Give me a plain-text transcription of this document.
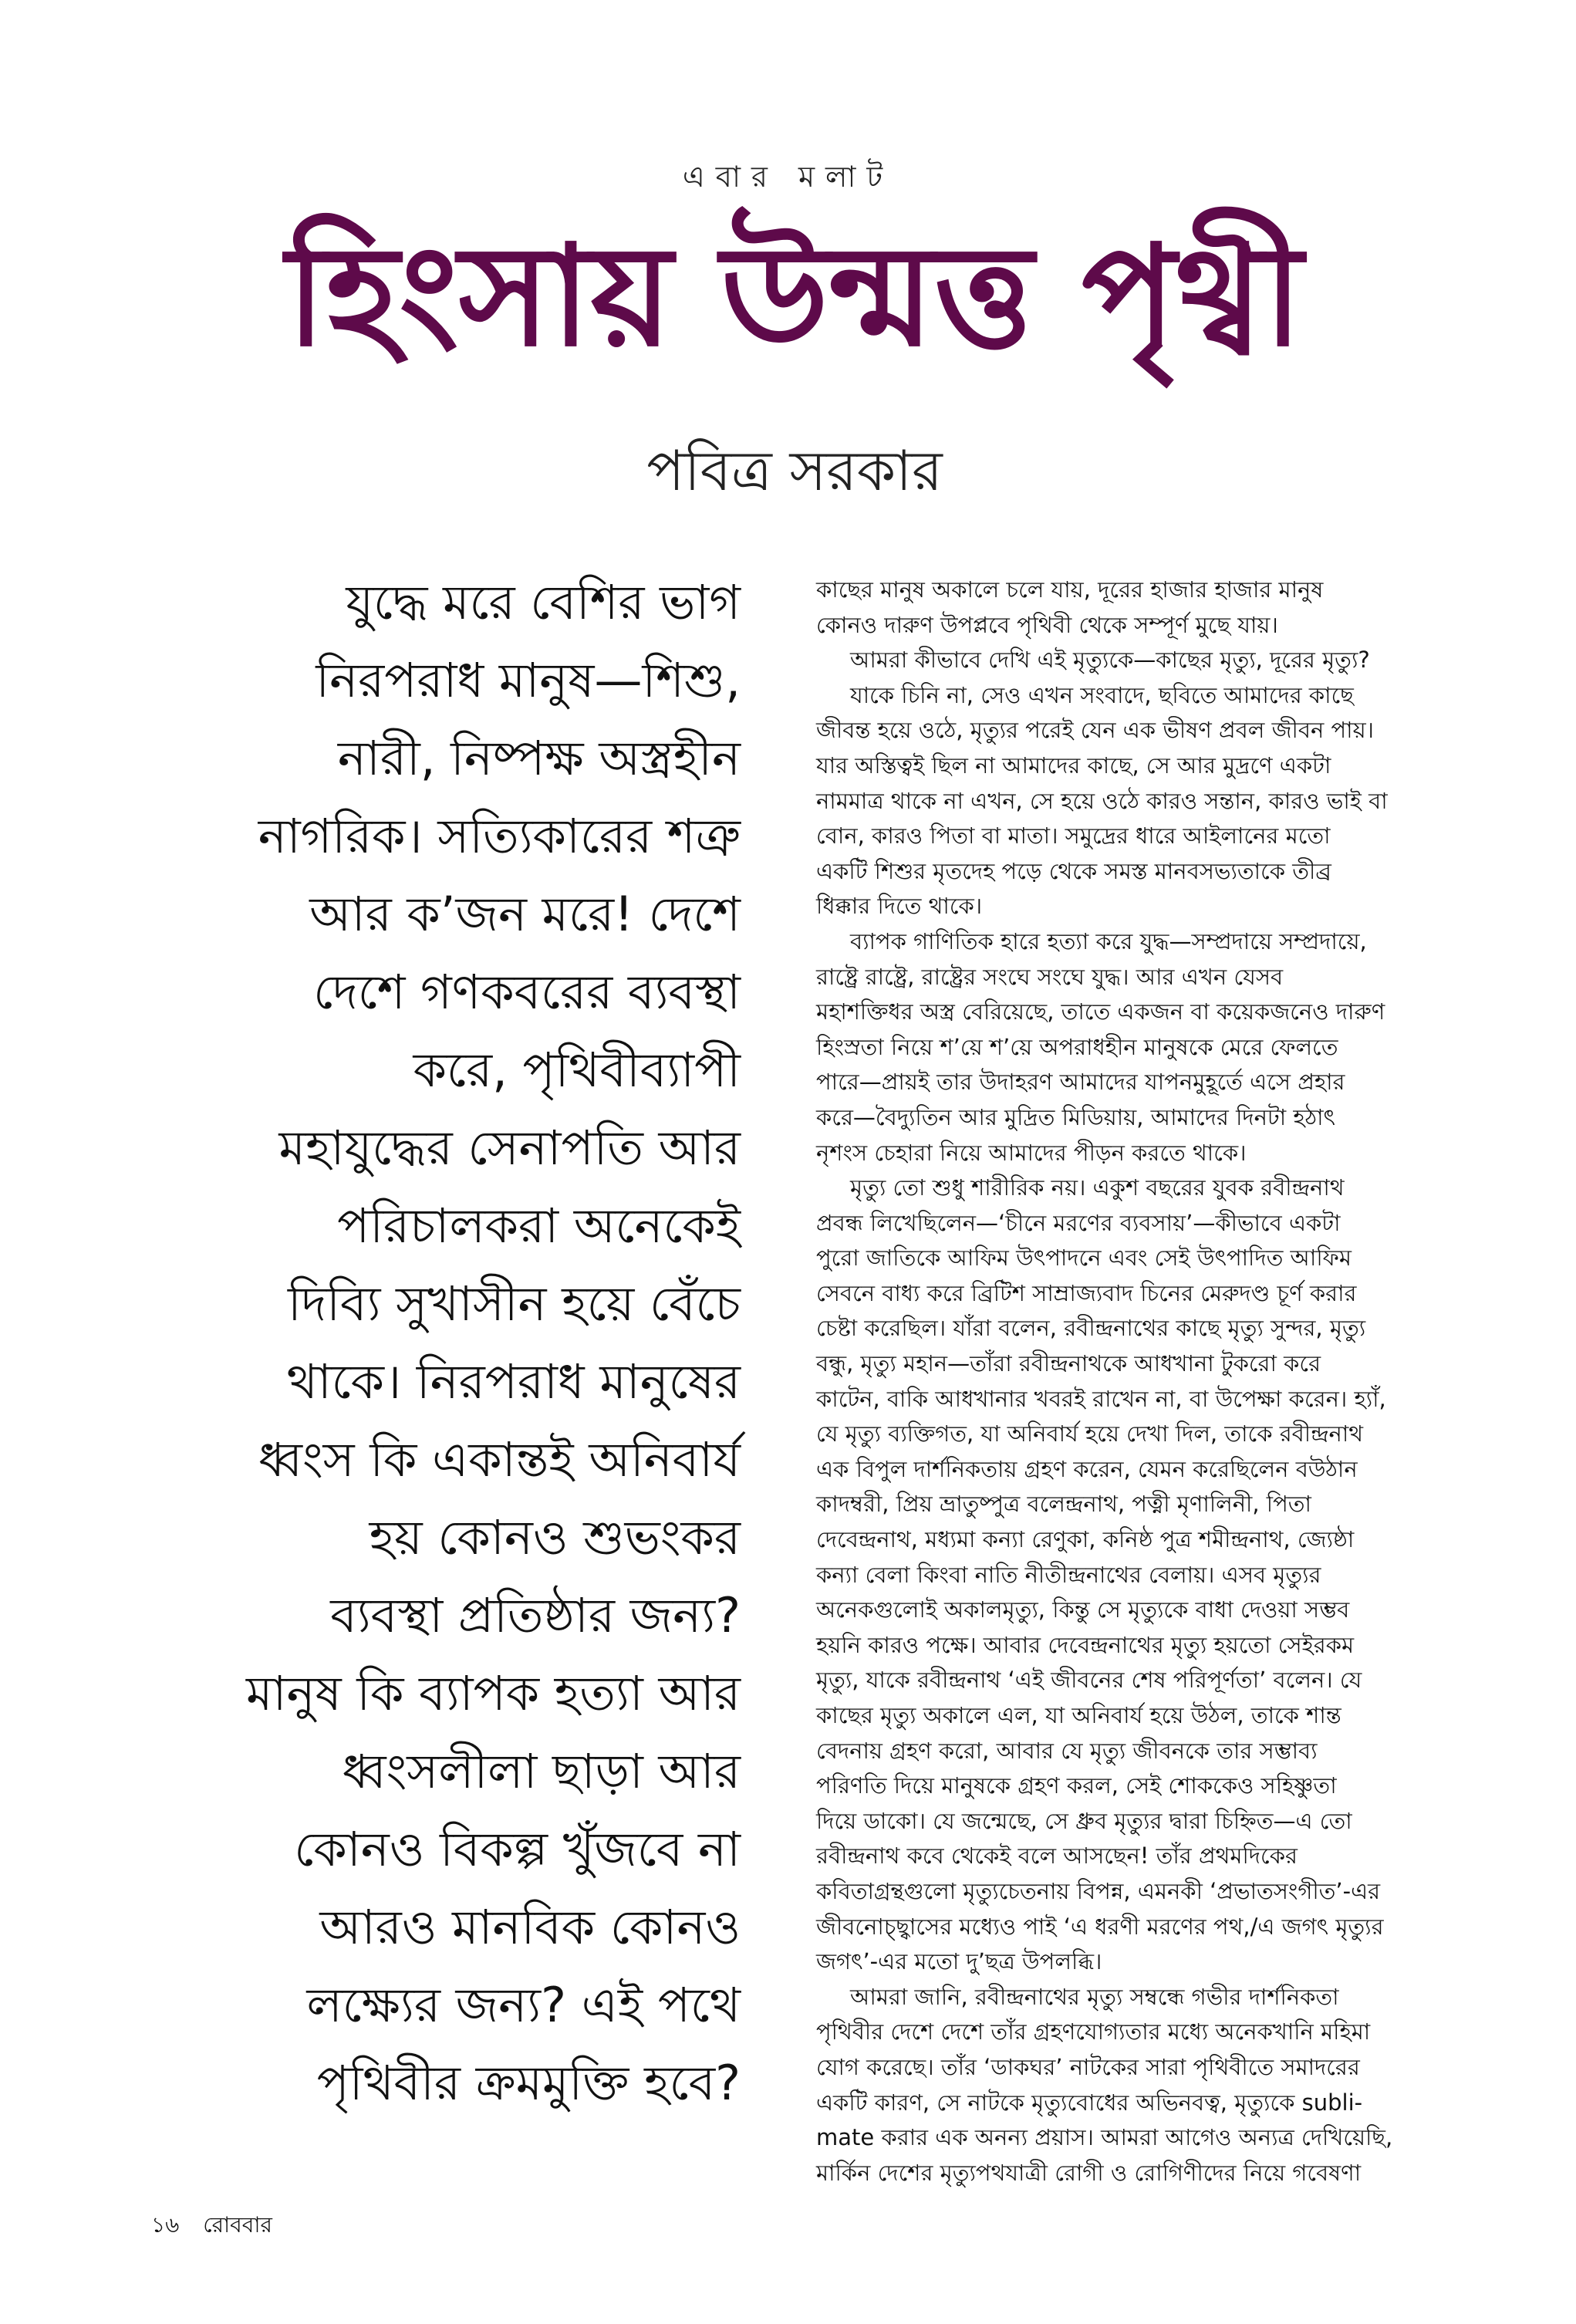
এবার মলাট
হিংসায় উন্মত্ত পৃথ্বী
পবিত্র সরকার
যুদ্ধে মরে বেশির ভাগ
নিরপরাধ মানুষ—শিশু,
নারী, নিষ্পক্ষ অস্ত্রহীন
নাগরিক। সত্যিকারের শত্রু
আর ক’জন মরে! দেশে
দেশে গণকবরের ব্যবস্থা
করে, পৃথিবীব্যাপী
মহাযুদ্ধের সেনাপতি আর
পরিচালকরা অনেকেই
দিব্যি সুখাসীন হয়ে বেঁচে
থাকে। নিরপরাধ মানুষের
ধ্বংস কি একান্তই অনিবার্য
হয় কোনও শুভংকর
ব্যবস্থা প্রতিষ্ঠার জন্য?
মানুষ কি ব্যাপক হত্যা আর
ধ্বংসলীলা ছাড়া আর
কোনও বিকল্প খুঁজবে না
আরও মানবিক কোনও
লক্ষ্যের জন্য? এই পথে
পৃথিবীর ক্রমমুক্তি হবে?
কাছের মানুষ অকালে চলে যায়, দূরের হাজার হাজার মানুষ
কোনও দারুণ উপপ্লবে পৃথিবী থেকে সম্পূর্ণ মুছে যায়।
আমরা কীভাবে দেখি এই মৃত্যুকে—কাছের মৃত্যু, দূরের মৃত্যু?
যাকে চিনি না, সেও এখন সংবাদে, ছবিতে আমাদের কাছে
জীবন্ত হয়ে ওঠে, মৃত্যুর পরেই যেন এক ভীষণ প্রবল জীবন পায়।
যার অস্তিত্বই ছিল না আমাদের কাছে, সে আর মুদ্রণে একটা
নামমাত্র থাকে না এখন, সে হয়ে ওঠে কারও সন্তান, কারও ভাই বা
বোন, কারও পিতা বা মাতা। সমুদ্রের ধারে আইলানের মতো
একটি শিশুর মৃতদেহ পড়ে থেকে সমস্ত মানবসভ্যতাকে তীব্র
ধিক্কার দিতে থাকে।
ব্যাপক গাণিতিক হারে হত্যা করে যুদ্ধ—সম্প্রদায়ে সম্প্রদায়ে,
রাষ্ট্রে রাষ্ট্রে, রাষ্ট্রের সংঘে সংঘে যুদ্ধ। আর এখন যেসব
মহাশক্তিধর অস্ত্র বেরিয়েছে, তাতে একজন বা কয়েকজনেও দারুণ
হিংস্রতা নিয়ে শ’য়ে শ’য়ে অপরাধহীন মানুষকে মেরে ফেলতে
পারে—প্রায়ই তার উদাহরণ আমাদের যাপনমুহূর্তে এসে প্রহার
করে—বৈদ্যুতিন আর মুদ্রিত মিডিয়ায়, আমাদের দিনটা হঠাৎ
নৃশংস চেহারা নিয়ে আমাদের পীড়ন করতে থাকে।
মৃত্যু তো শুধু শারীরিক নয়। একুশ বছরের যুবক রবীন্দ্রনাথ
প্রবন্ধ লিখেছিলেন—‘চীনে মরণের ব্যবসায়’—কীভাবে একটা
পুরো জাতিকে আফিম উৎপাদনে এবং সেই উৎপাদিত আফিম
সেবনে বাধ্য করে ব্রিটিশ সাম্রাজ্যবাদ চিনের মেরুদণ্ড চূর্ণ করার
চেষ্টা করেছিল। যাঁরা বলেন, রবীন্দ্রনাথের কাছে মৃত্যু সুন্দর, মৃত্যু
বন্ধু, মৃত্যু মহান—তাঁরা রবীন্দ্রনাথকে আধখানা টুকরো করে
কাটেন, বাকি আধখানার খবরই রাখেন না, বা উপেক্ষা করেন। হ্যাঁ,
যে মৃত্যু ব্যক্তিগত, যা অনিবার্য হয়ে দেখা দিল, তাকে রবীন্দ্রনাথ
এক বিপুল দার্শনিকতায় গ্রহণ করেন, যেমন করেছিলেন বউঠান
কাদম্বরী, প্রিয় ভ্রাতুষ্পুত্র বলেন্দ্রনাথ, পত্নী মৃণালিনী, পিতা
দেবেন্দ্রনাথ, মধ্যমা কন্যা রেণুকা, কনিষ্ঠ পুত্র শমীন্দ্রনাথ, জ্যেষ্ঠা
কন্যা বেলা কিংবা নাতি নীতীন্দ্রনাথের বেলায়। এসব মৃত্যুর
অনেকগুলোই অকালমৃত্যু, কিন্তু সে মৃত্যুকে বাধা দেওয়া সম্ভব
হয়নি কারও পক্ষে। আবার দেবেন্দ্রনাথের মৃত্যু হয়তো সেইরকম
মৃত্যু, যাকে রবীন্দ্রনাথ ‘এই জীবনের শেষ পরিপূর্ণতা’ বলেন। যে
কাছের মৃত্যু অকালে এল, যা অনিবার্য হয়ে উঠল, তাকে শান্ত
বেদনায় গ্রহণ করো, আবার যে মৃত্যু জীবনকে তার সম্ভাব্য
পরিণতি দিয়ে মানুষকে গ্রহণ করল, সেই শোককেও সহিষ্ণুতা
দিয়ে ডাকো। যে জন্মেছে, সে ধ্রুব মৃত্যুর দ্বারা চিহ্নিত—এ তো
রবীন্দ্রনাথ কবে থেকেই বলে আসছেন! তাঁর প্রথমদিকের
কবিতাগ্রন্থগুলো মৃত্যুচেতনায় বিপন্ন, এমনকী ‘প্রভাতসংগীত’-এর
জীবনোচ্ছ্বাসের মধ্যেও পাই ‘এ ধরণী মরণের পথ,/এ জগৎ মৃত্যুর
জগৎ’-এর মতো দু’ছত্র উপলব্ধি।
আমরা জানি, রবীন্দ্রনাথের মৃত্যু সম্বন্ধে গভীর দার্শনিকতা
পৃথিবীর দেশে দেশে তাঁর গ্রহণযোগ্যতার মধ্যে অনেকখানি মহিমা
যোগ করেছে। তাঁর ‘ডাকঘর’ নাটকের সারা পৃথিবীতে সমাদরের
একটি কারণ, সে নাটকে মৃত্যুবোধের অভিনবত্ব, মৃত্যুকে subli-
mate করার এক অনন্য প্রয়াস। আমরা আগেও অন্যত্র দেখিয়েছি,
মার্কিন দেশের মৃত্যুপথযাত্রী রোগী ও রোগিণীদের নিয়ে গবেষণা
১৬ রোববার
